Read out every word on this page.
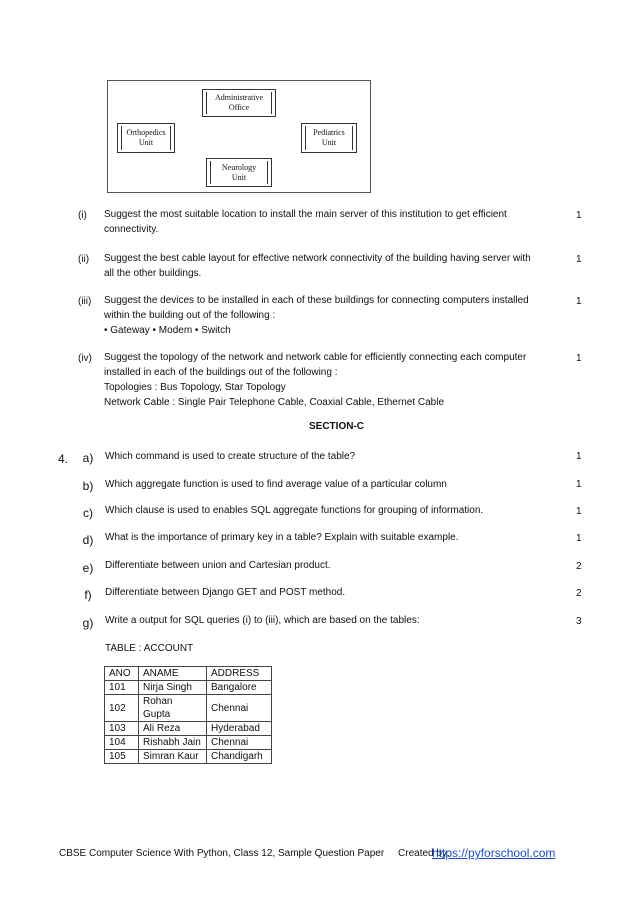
Administrative
Office
Orthopedics
Unit
Pediatrics
Unit
Neurology
Unit
(i) Suggest the most suitable location to install the main server of this institution to get efficient
connectivity.
1
(ii) Suggest the best cable layout for effective network connectivity of the building having server with
all the other buildings.
1
(iii) Suggest the devices to be installed in each of these buildings for connecting computers installed
within the building out of the following :
• Gateway • Modem • Switch
1
(iv) Suggest the topology of the network and network cable for efficiently connecting each computer
installed in each of the buildings out of the following :
Topologies : Bus Topology, Star Topology
Network Cable : Single Pair Telephone Cable, Coaxial Cable, Ethernet Cable
1
SECTION-C
4. a) Which command is used to create structure of the table?	1
b) Which aggregate function is used to find average value of a particular column	1
c)	Which clause is used to enables SQL aggregate functions for grouping of information.	1
d) What is the importance of primary key in a table? Explain with suitable example.	1
e) Differentiate between union and Cartesian product.	2
f)	Differentiate between Django GET and POST method.	2
g) Write a output for SQL queries (i) to (iii), which are based on the tables:	3
TABLE : ACCOUNT
ANO	ANAME	ADDRESS
101	Nirja Singh	Bangalore
102	Rohan Gupta	Chennai
103	Ali Reza	Hyderabad
104	Rishabh Jain	Chennai
105	Simran Kaur	Chandigarh
CBSE Computer Science With Python, Class 12, Sample Question Paper     Created by:
https://pyforschool.com
